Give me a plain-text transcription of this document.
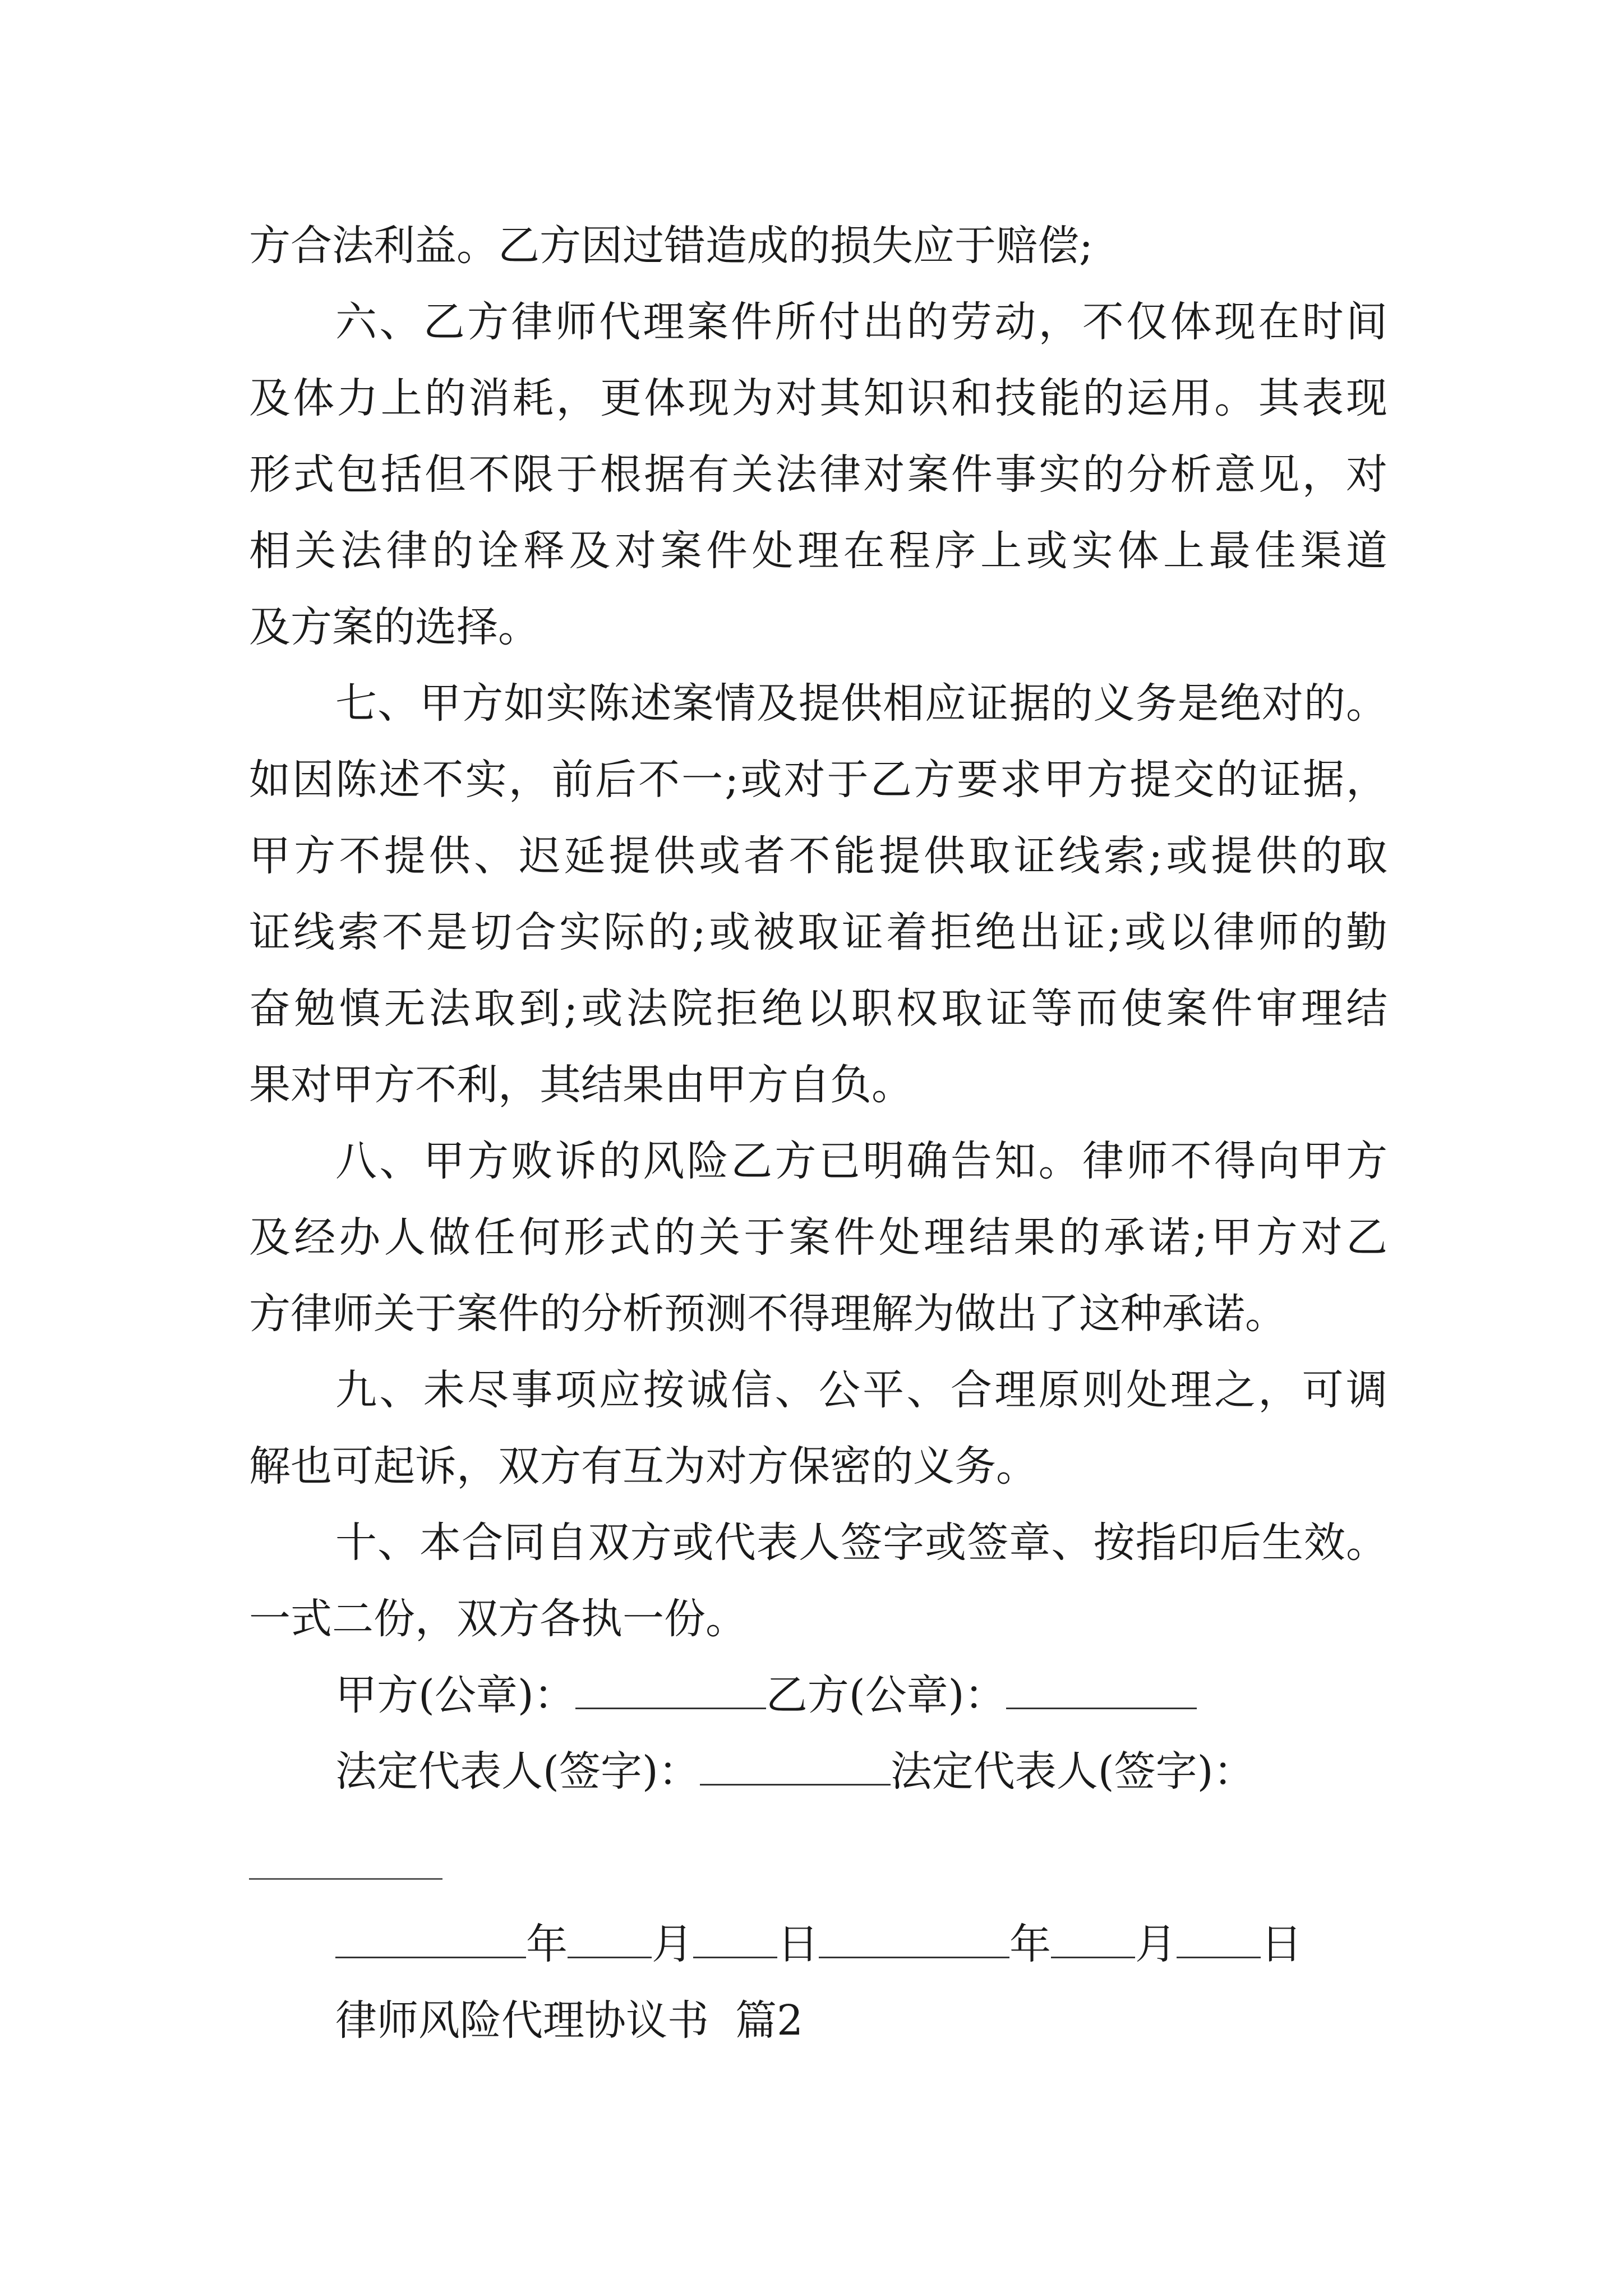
方合法利益。乙方因过错造成的损失应于赔偿;
六、乙方律师代理案件所付出的劳动，不仅体现在时间
及体力上的消耗，更体现为对其知识和技能的运用。其表现
形式包括但不限于根据有关法律对案件事实的分析意见，对
相关法律的诠释及对案件处理在程序上或实体上最佳渠道
及方案的选择。
七、甲方如实陈述案情及提供相应证据的义务是绝对的。
如因陈述不实，前后不一;或对于乙方要求甲方提交的证据，
甲方不提供、迟延提供或者不能提供取证线索;或提供的取
证线索不是切合实际的;或被取证着拒绝出证;或以律师的勤
奋勉慎无法取到;或法院拒绝以职权取证等而使案件审理结
果对甲方不利，其结果由甲方自负。
八、甲方败诉的风险乙方已明确告知。律师不得向甲方
及经办人做任何形式的关于案件处理结果的承诺;甲方对乙
方律师关于案件的分析预测不得理解为做出了这种承诺。
九、未尽事项应按诚信、公平、合理原则处理之，可调
解也可起诉，双方有互为对方保密的义务。
十、本合同自双方或代表人签字或签章、按指印后生效。
一式二份，双方各执一份。
甲方(公章)：	乙方(公章)：
法定代表人(签字)：	法定代表人(签字)：
年 月 日	年 月 日
律师风险代理协议书  篇2
